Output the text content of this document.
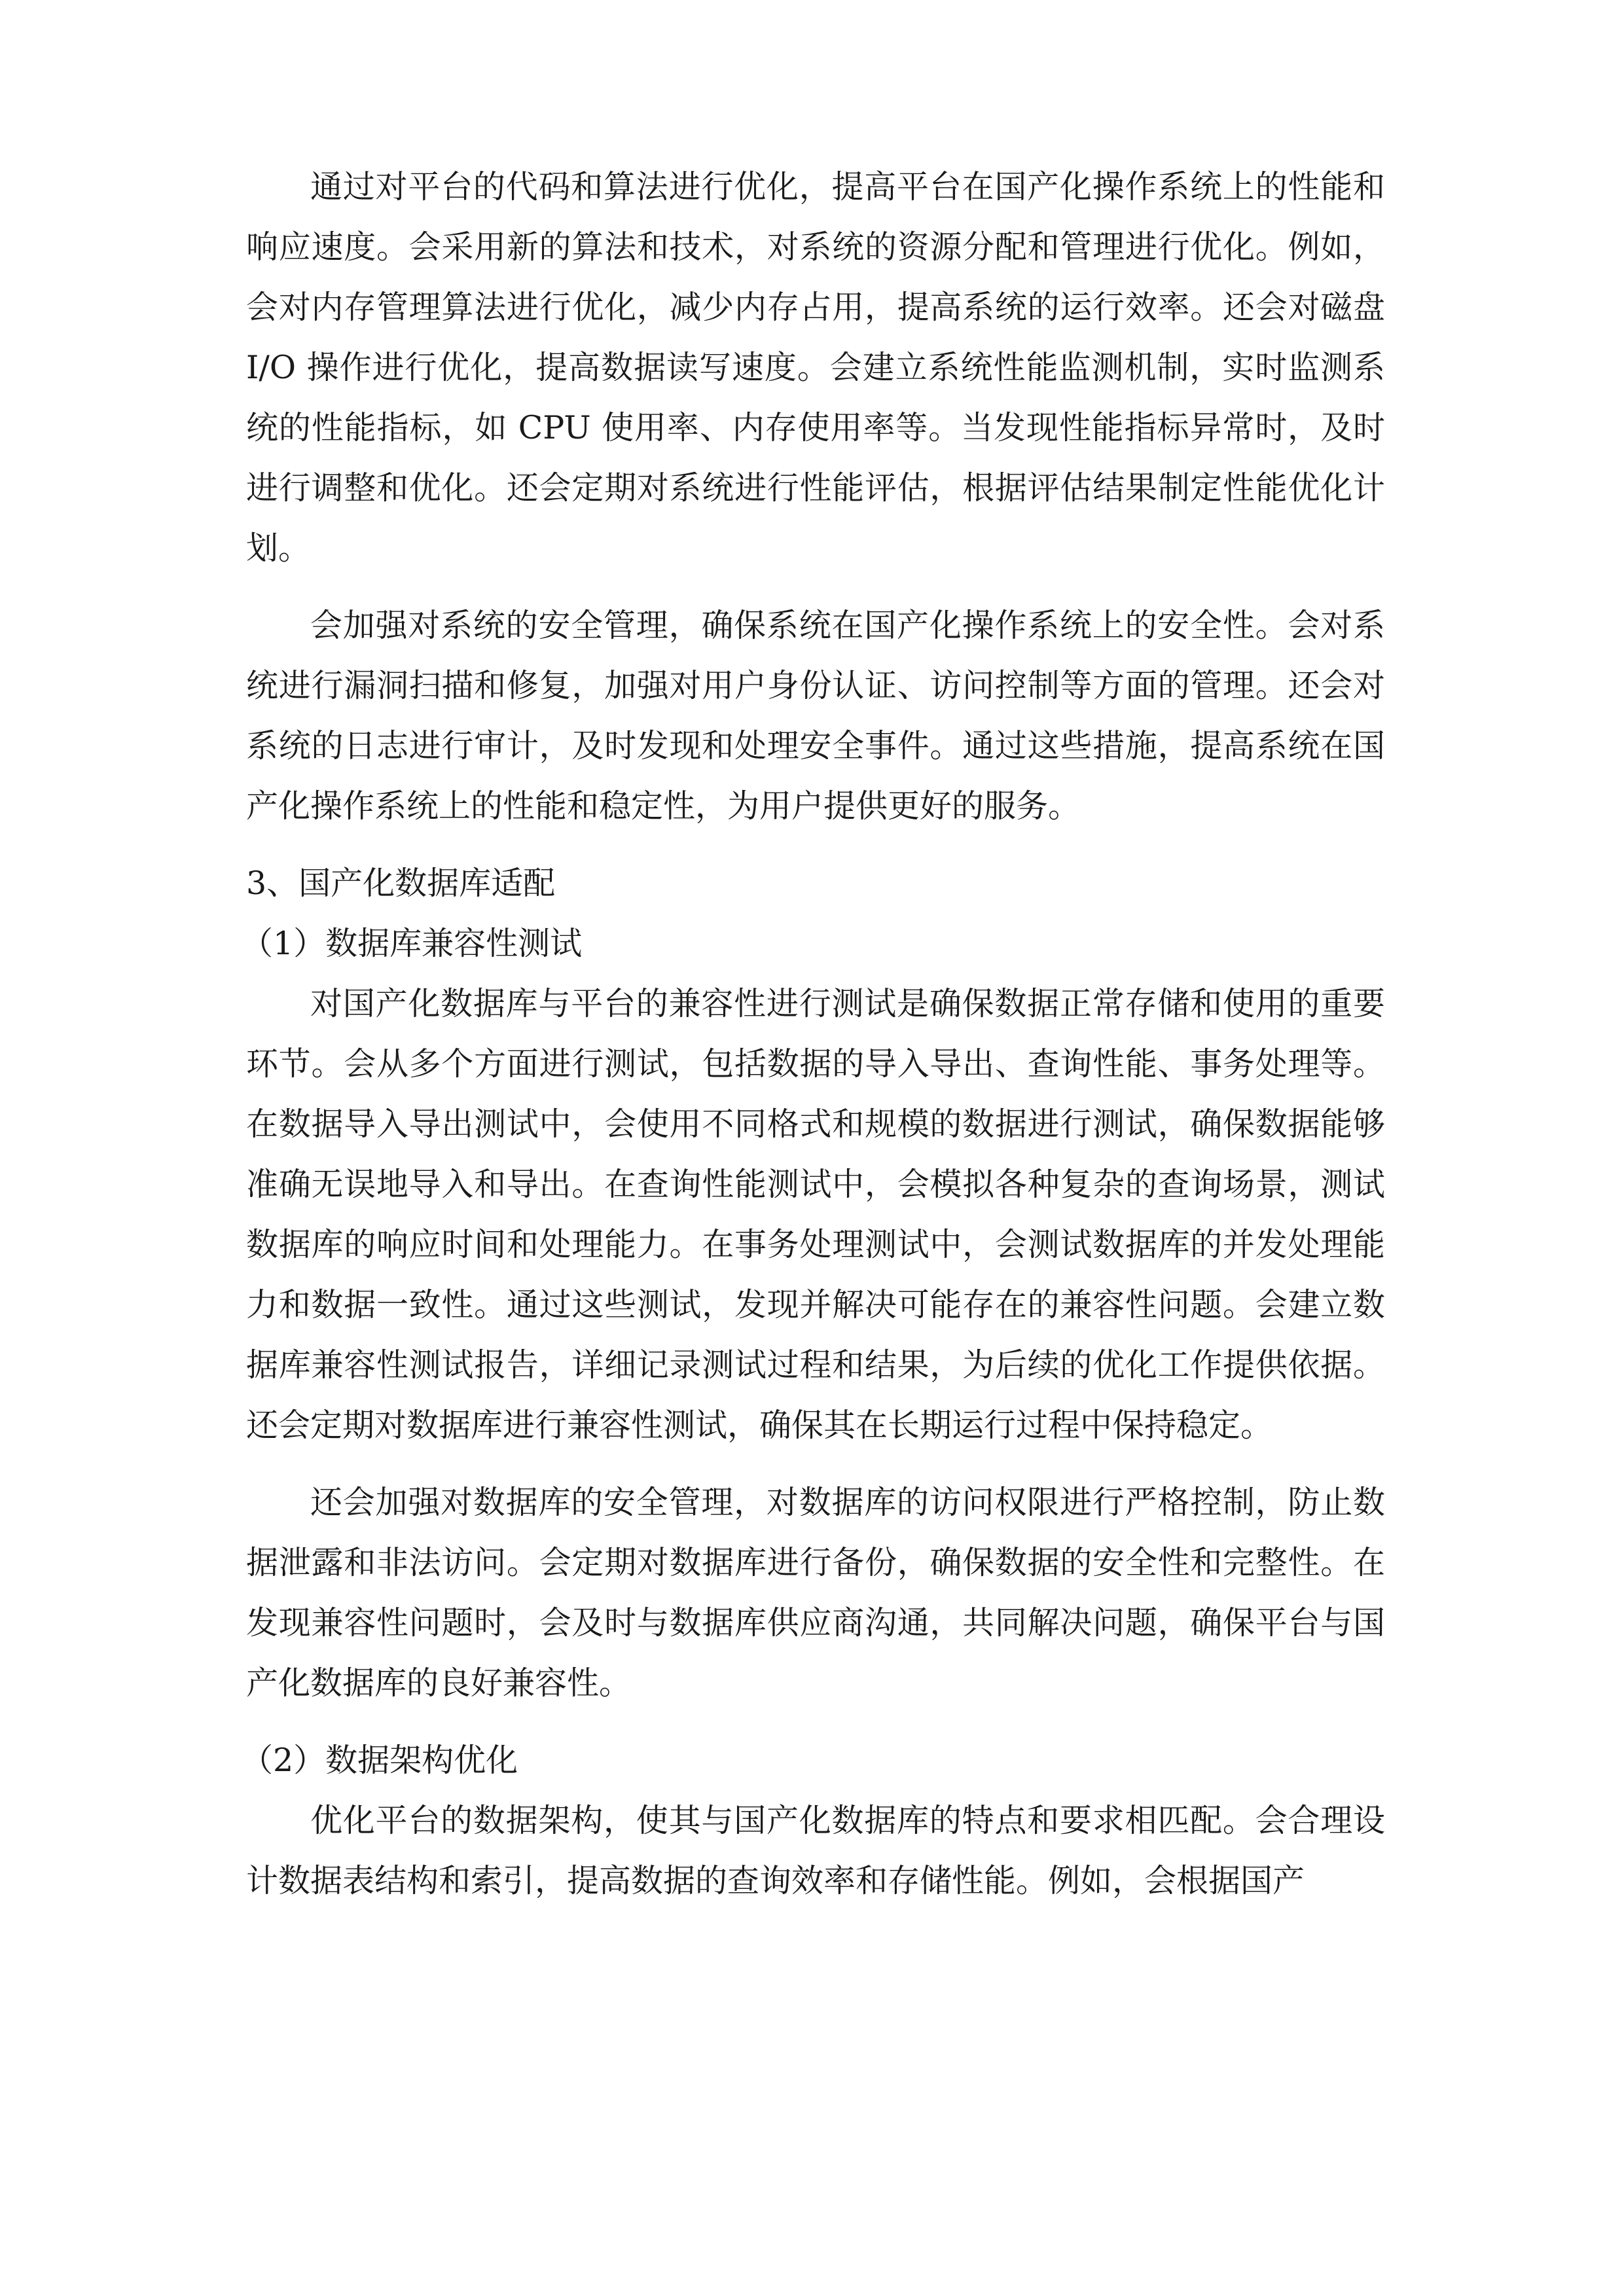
通过对平台的代码和算法进行优化，提高平台在国产化操作系统上的性能和响应速度。会采用新的算法和技术，对系统的资源分配和管理进行优化。例如，会对内存管理算法进行优化，减少内存占用，提高系统的运行效率。还会对磁盘 I/O 操作进行优化，提高数据读写速度。会建立系统性能监测机制，实时监测系统的性能指标，如 CPU 使用率、内存使用率等。当发现性能指标异常时，及时进行调整和优化。还会定期对系统进行性能评估，根据评估结果制定性能优化计划。

会加强对系统的安全管理，确保系统在国产化操作系统上的安全性。会对系统进行漏洞扫描和修复，加强对用户身份认证、访问控制等方面的管理。还会对系统的日志进行审计，及时发现和处理安全事件。通过这些措施，提高系统在国产化操作系统上的性能和稳定性，为用户提供更好的服务。

3、国产化数据库适配

（1）数据库兼容性测试

对国产化数据库与平台的兼容性进行测试是确保数据正常存储和使用的重要环节。会从多个方面进行测试，包括数据的导入导出、查询性能、事务处理等。在数据导入导出测试中，会使用不同格式和规模的数据进行测试，确保数据能够准确无误地导入和导出。在查询性能测试中，会模拟各种复杂的查询场景，测试数据库的响应时间和处理能力。在事务处理测试中，会测试数据库的并发处理能力和数据一致性。通过这些测试，发现并解决可能存在的兼容性问题。会建立数据库兼容性测试报告，详细记录测试过程和结果，为后续的优化工作提供依据。还会定期对数据库进行兼容性测试，确保其在长期运行过程中保持稳定。

还会加强对数据库的安全管理，对数据库的访问权限进行严格控制，防止数据泄露和非法访问。会定期对数据库进行备份，确保数据的安全性和完整性。在发现兼容性问题时，会及时与数据库供应商沟通，共同解决问题，确保平台与国产化数据库的良好兼容性。

（2）数据架构优化

优化平台的数据架构，使其与国产化数据库的特点和要求相匹配。会合理设计数据表结构和索引，提高数据的查询效率和存储性能。例如，会根据国产
